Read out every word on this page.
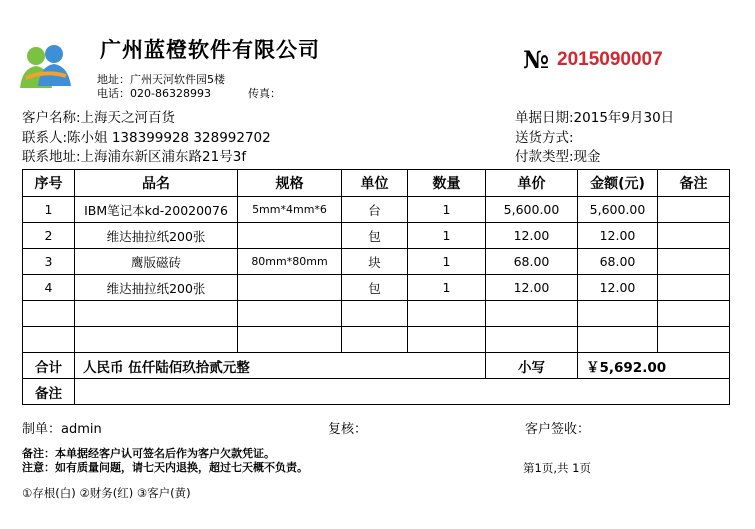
广州蓝橙软件有限公司
地址：广州天河软件园5楼
电话：020-86328993	传真：
№ 2015090007
客户名称:上海天之河百货
联系人:陈小姐 138399928 328992702
联系地址:上海浦东新区浦东路21号3f
单据日期:2015年9月30日
送货方式:
付款类型:现金
序号	品名	规格	单位	数量	单价	金额(元)	备注
1	IBM笔记本kd-20020076	5mm*4mm*6	台	1	5,600.00	5,600.00	
2	维达抽拉纸200张		包	1	12.00	12.00	
3	鹰版磁砖	80mm*80mm	块	1	68.00	68.00	
4	维达抽拉纸200张		包	1	12.00	12.00	

合计	人民币 伍仟陆佰玖拾贰元整				小写	￥5,692.00	
备注							
制单：admin	复核：	客户签收：
备注：本单据经客户认可签名后作为客户欠款凭证。
注意：如有质量问题，请七天内退换，超过七天概不负责。	第1页,共 1页
①存根(白) ②财务(红) ③客户(黄)
